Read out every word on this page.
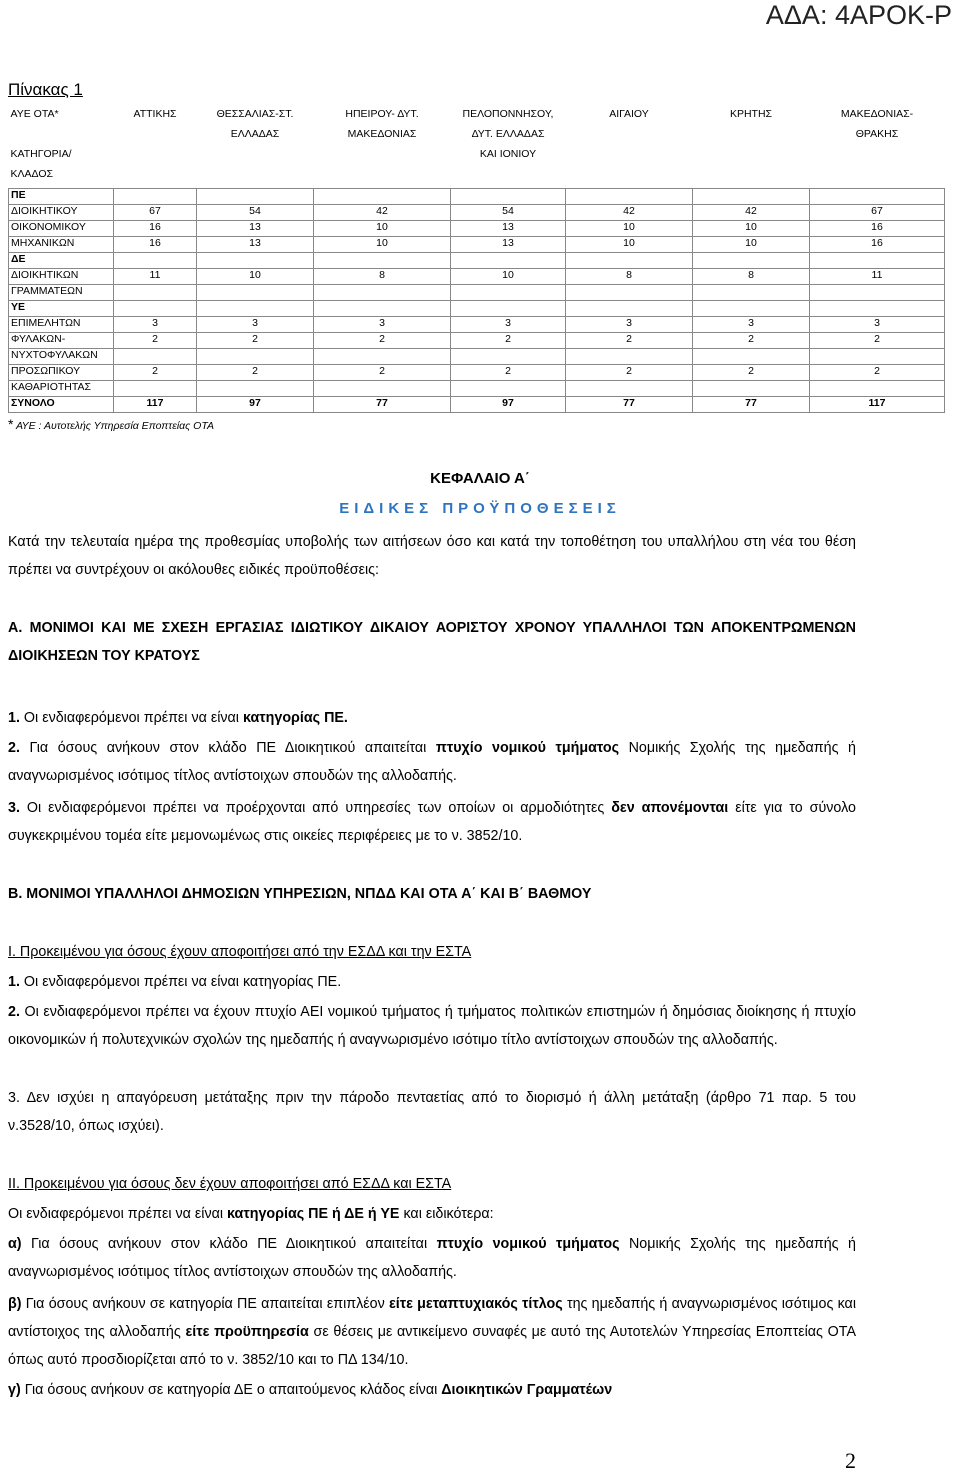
ΑΔΑ: 4ΑΡΟΚ-Ρ
Πίνακας 1
ΑΥΕ ΟΤΑ*	ΑΤΤΙΚΗΣ	ΘΕΣΣΑΛΙΑΣ-ΣΤ.	ΗΠΕΙΡΟΥ- ΔΥΤ.	ΠΕΛΟΠΟΝΝΗΣΟΥ,	ΑΙΓΑΙΟΥ	ΚΡΗΤΗΣ	ΜΑΚΕΔΟΝΙΑΣ-
		ΕΛΛΑΔΑΣ	ΜΑΚΕΔΟΝΙΑΣ	ΔΥΤ. ΕΛΛΑΔΑΣ			ΘΡΑΚΗΣ
ΚΑΤΗΓΟΡΙΑ/				ΚΑΙ ΙΟΝΙΟΥ			
ΚΛΑΔΟΣ							
ΠΕ							
ΔΙΟΙΚΗΤΙΚΟΥ	67	54	42	54	42	42	67
ΟΙΚΟΝΟΜΙΚΟΥ	16	13	10	13	10	10	16
ΜΗΧΑΝΙΚΩΝ	16	13	10	13	10	10	16
ΔΕ							
ΔΙΟΙΚΗΤΙΚΩΝ	11	10	8	10	8	8	11
ΓΡΑΜΜΑΤΕΩΝ							
ΥΕ							
ΕΠΙΜΕΛΗΤΩΝ	3	3	3	3	3	3	3
ΦΥΛΑΚΩΝ-	2	2	2	2	2	2	2
ΝΥΧΤΟΦΥΛΑΚΩΝ							
ΠΡΟΣΩΠΙΚΟΥ	2	2	2	2	2	2	2
ΚΑΘΑΡΙΟΤΗΤΑΣ							
ΣΥΝΟΛΟ	117	97	77	97	77	77	117
* ΑΥΕ : Αυτοτελής Υπηρεσία Εποπτείας ΟΤΑ
ΚΕΦΑΛΑΙΟ Α΄
ΕΙΔΙΚΕΣ ΠΡΟΫΠΟΘΕΣΕΙΣ
Κατά την τελευταία ημέρα της προθεσμίας υποβολής των αιτήσεων όσο και κατά την τοποθέτηση του υπαλλήλου στη νέα του θέση πρέπει να συντρέχουν οι ακόλουθες ειδικές προϋποθέσεις:
Α. ΜΟΝΙΜΟΙ ΚΑΙ ΜΕ ΣΧΕΣΗ ΕΡΓΑΣΙΑΣ ΙΔΙΩΤΙΚΟΥ ΔΙΚΑΙΟΥ ΑΟΡΙΣΤΟΥ ΧΡΟΝΟΥ ΥΠΑΛΛΗΛΟΙ ΤΩΝ ΑΠΟΚΕΝΤΡΩΜΕΝΩΝ ΔΙΟΙΚΗΣΕΩΝ ΤΟΥ ΚΡΑΤΟΥΣ
1. Οι ενδιαφερόμενοι πρέπει να είναι κατηγορίας ΠΕ.
2. Για όσους ανήκουν στον κλάδο ΠΕ Διοικητικού απαιτείται πτυχίο νομικού τμήματος Νομικής Σχολής της ημεδαπής ή αναγνωρισμένος ισότιμος τίτλος αντίστοιχων σπουδών της αλλοδαπής.
3. Οι ενδιαφερόμενοι πρέπει να προέρχονται από υπηρεσίες των οποίων οι αρμοδιότητες δεν απονέμονται είτε για το σύνολο συγκεκριμένου τομέα είτε μεμονωμένως στις οικείες περιφέρειες με το ν. 3852/10.
Β. ΜΟΝΙΜΟΙ ΥΠΑΛΛΗΛΟΙ ΔΗΜΟΣΙΩΝ ΥΠΗΡΕΣΙΩΝ, ΝΠΔΔ ΚΑΙ ΟΤΑ Α΄ ΚΑΙ Β΄ ΒΑΘΜΟΥ
Ι. Προκειμένου για όσους έχουν αποφοιτήσει από την ΕΣΔΔ και την ΕΣΤΑ
1. Οι ενδιαφερόμενοι πρέπει να είναι κατηγορίας ΠΕ.
2. Οι ενδιαφερόμενοι πρέπει να έχουν πτυχίο ΑΕΙ νομικού τμήματος ή τμήματος πολιτικών επιστημών ή δημόσιας διοίκησης ή πτυχίο οικονομικών ή πολυτεχνικών σχολών της ημεδαπής ή αναγνωρισμένο ισότιμο τίτλο αντίστοιχων σπουδών της αλλοδαπής.
3. Δεν ισχύει η απαγόρευση μετάταξης πριν την πάροδο πενταετίας από το διορισμό ή άλλη μετάταξη (άρθρο 71 παρ. 5 του ν.3528/10, όπως ισχύει).
ΙΙ. Προκειμένου για όσους δεν έχουν αποφοιτήσει από ΕΣΔΔ και ΕΣΤΑ
Οι ενδιαφερόμενοι πρέπει να είναι κατηγορίας ΠΕ ή ΔΕ ή ΥΕ και ειδικότερα:
α) Για όσους ανήκουν στον κλάδο ΠΕ Διοικητικού απαιτείται πτυχίο νομικού τμήματος Νομικής Σχολής της ημεδαπής ή αναγνωρισμένος ισότιμος τίτλος αντίστοιχων σπουδών της αλλοδαπής.
β) Για όσους ανήκουν σε κατηγορία ΠΕ απαιτείται επιπλέον είτε μεταπτυχιακός τίτλος της ημεδαπής ή αναγνωρισμένος ισότιμος και αντίστοιχος της αλλοδαπής είτε προϋπηρεσία σε θέσεις με αντικείμενο συναφές με αυτό της Αυτοτελών Υπηρεσίας Εποπτείας ΟΤΑ όπως αυτό προσδιορίζεται από το ν. 3852/10 και το ΠΔ 134/10.
γ) Για όσους ανήκουν σε κατηγορία ΔΕ ο απαιτούμενος κλάδος είναι Διοικητικών Γραμματέων
2
